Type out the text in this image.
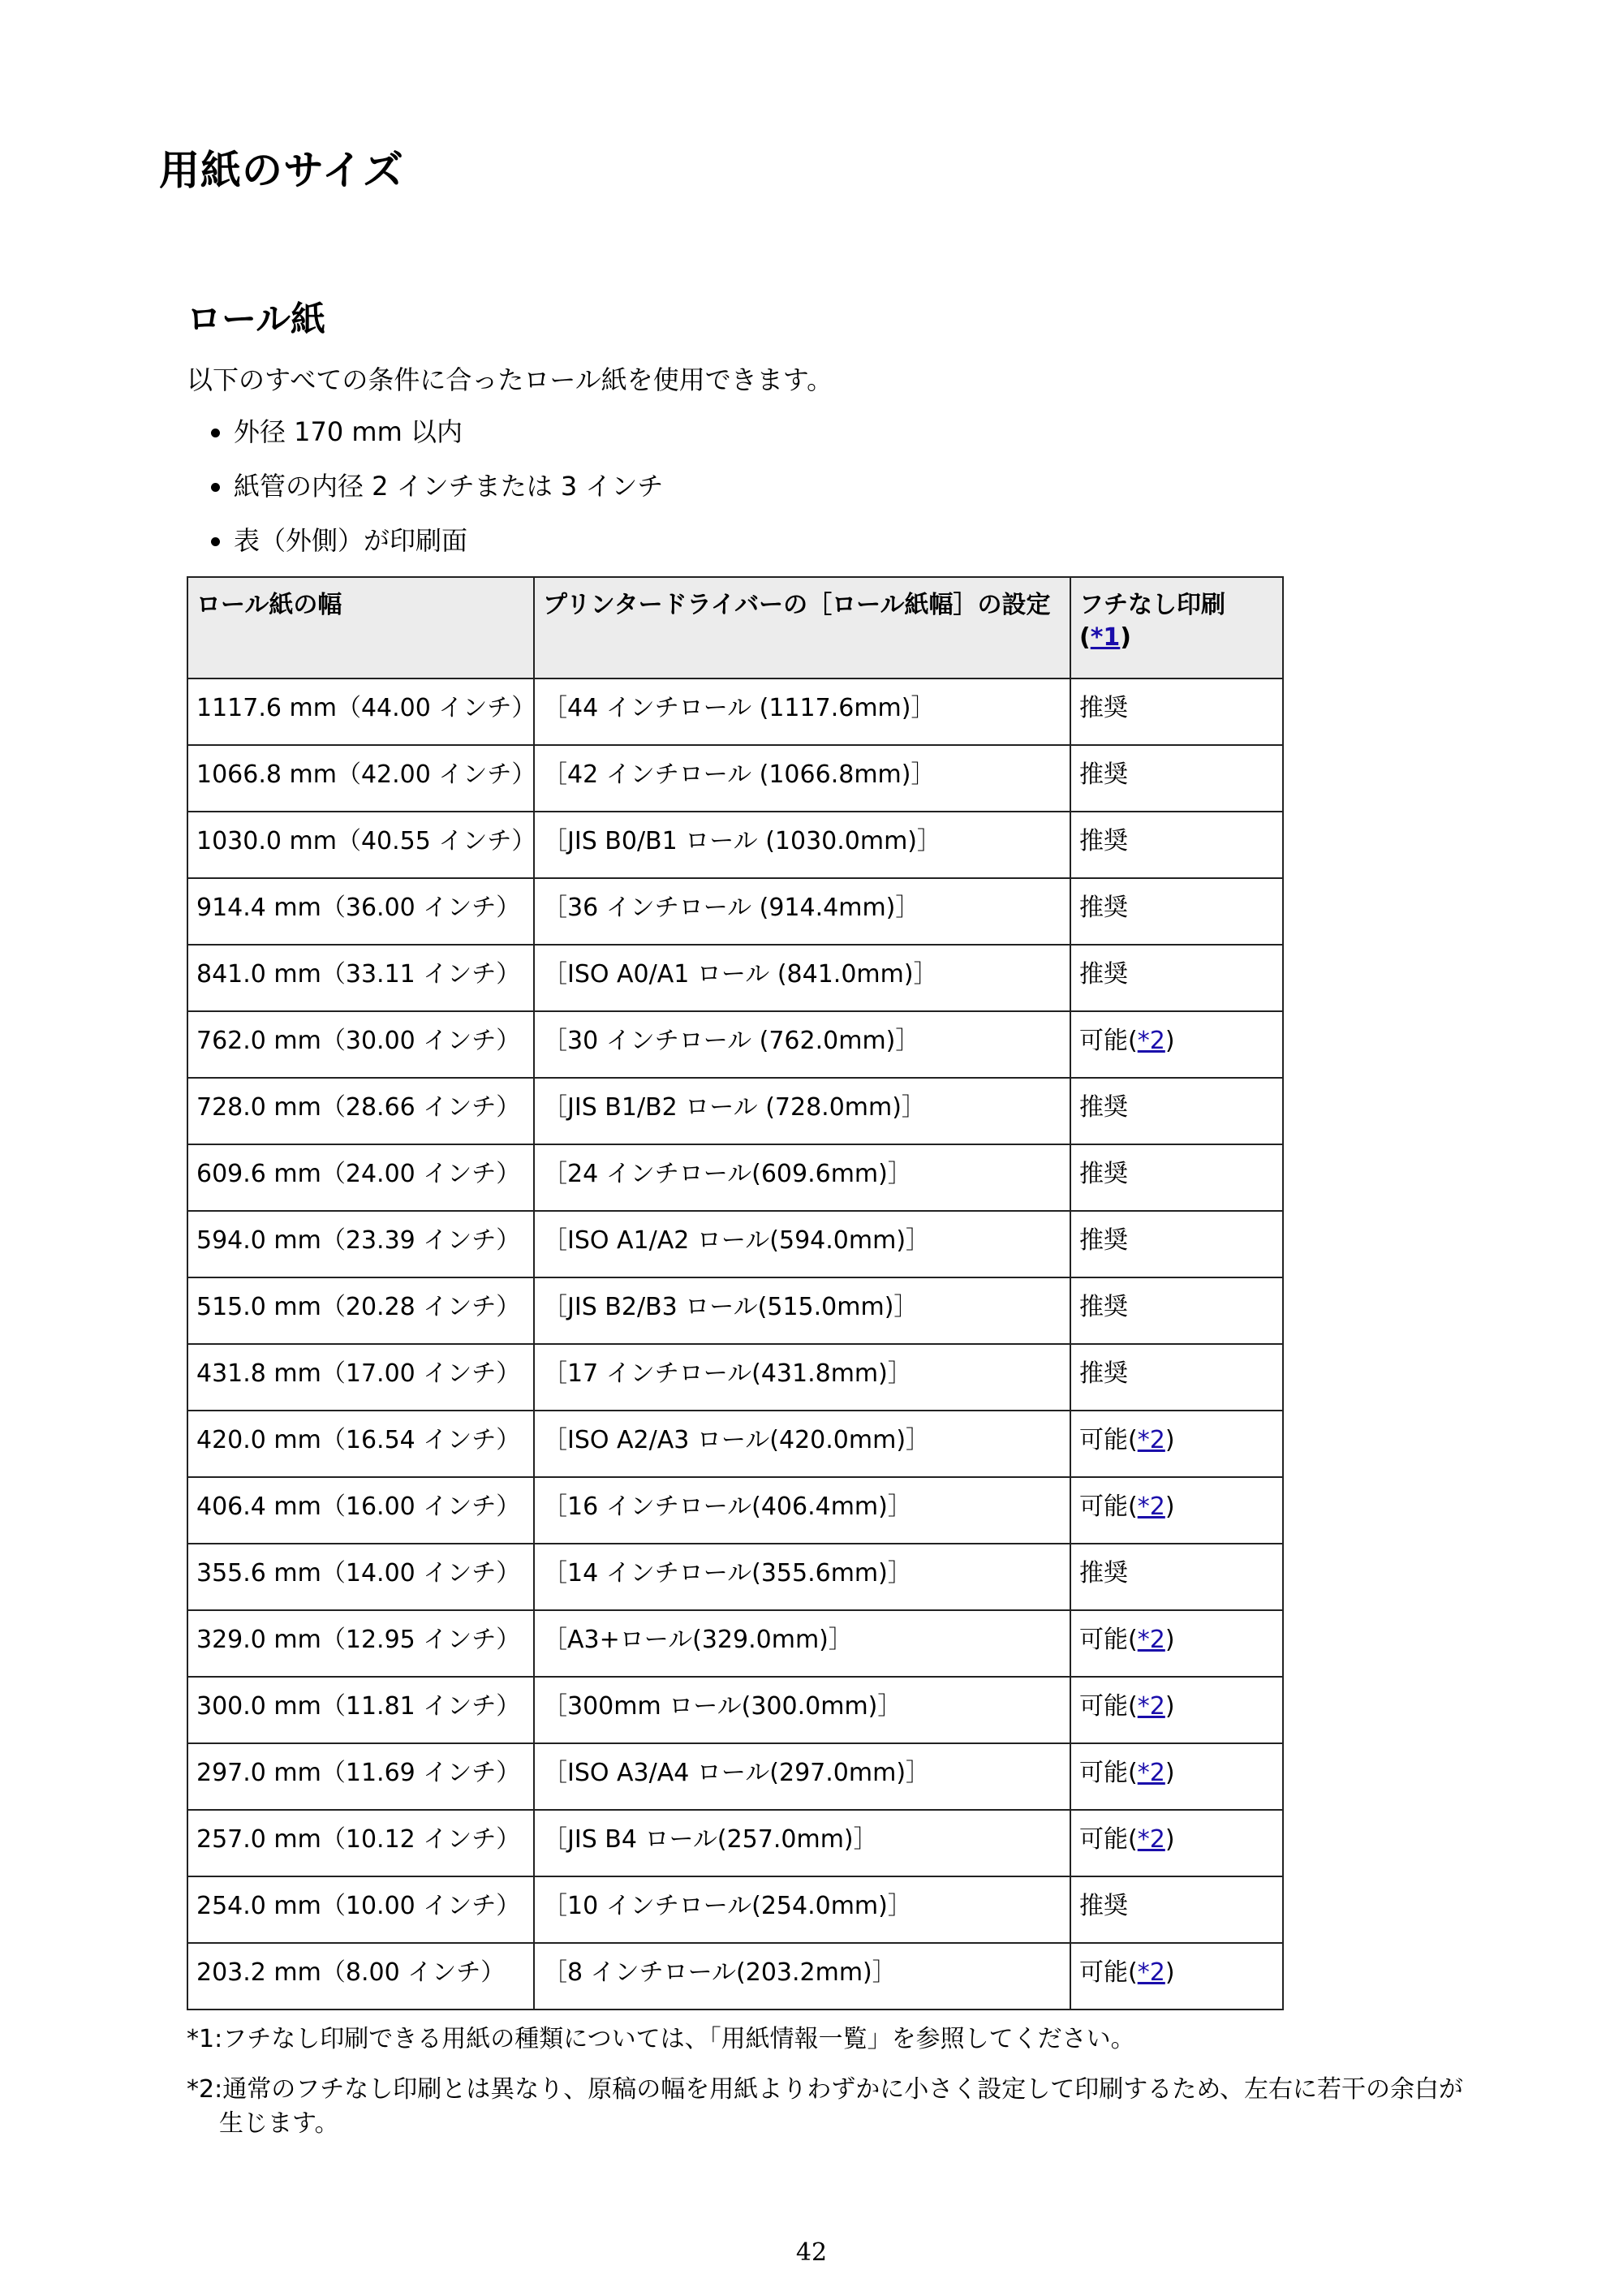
用紙のサイズ
ロール紙

以下のすべての条件に合ったロール紙を使用できます。

外径 170 mm 以内
紙管の内径 2 インチまたは 3 インチ
表（外側）が印刷面
ロール紙の幅	プリンタードライバーの［ロール紙幅］の設定	フチなし印刷
(*1)
1117.6 mm（44.00 インチ）	［44 インチロール (1117.6mm)］	推奨
1066.8 mm（42.00 インチ）	［42 インチロール (1066.8mm)］	推奨
1030.0 mm（40.55 インチ）	［JIS B0/B1 ロール (1030.0mm)］	推奨
914.4 mm（36.00 インチ）	［36 インチロール (914.4mm)］	推奨
841.0 mm（33.11 インチ）	［ISO A0/A1 ロール (841.0mm)］	推奨
762.0 mm（30.00 インチ）	［30 インチロール (762.0mm)］	可能(*2)
728.0 mm（28.66 インチ）	［JIS B1/B2 ロール (728.0mm)］	推奨
609.6 mm（24.00 インチ）	［24 インチロール(609.6mm)］	推奨
594.0 mm（23.39 インチ）	［ISO A1/A2 ロール(594.0mm)］	推奨
515.0 mm（20.28 インチ）	［JIS B2/B3 ロール(515.0mm)］	推奨
431.8 mm（17.00 インチ）	［17 インチロール(431.8mm)］	推奨
420.0 mm（16.54 インチ）	［ISO A2/A3 ロール(420.0mm)］	可能(*2)
406.4 mm（16.00 インチ）	［16 インチロール(406.4mm)］	可能(*2)
355.6 mm（14.00 インチ）	［14 インチロール(355.6mm)］	推奨
329.0 mm（12.95 インチ）	［A3+ロール(329.0mm)］	可能(*2)
300.0 mm（11.81 インチ）	［300mm ロール(300.0mm)］	可能(*2)
297.0 mm（11.69 インチ）	［ISO A3/A4 ロール(297.0mm)］	可能(*2)
257.0 mm（10.12 インチ）	［JIS B4 ロール(257.0mm)］	可能(*2)
254.0 mm（10.00 インチ）	［10 インチロール(254.0mm)］	推奨
203.2 mm（8.00 インチ）	［8 インチロール(203.2mm)］	可能(*2)

*1:フチなし印刷できる用紙の種類については、「用紙情報一覧」を参照してください。

*2:通常のフチなし印刷とは異なり、原稿の幅を用紙よりわずかに小さく設定して印刷するため、左右に若干の余白が生じます。

42
